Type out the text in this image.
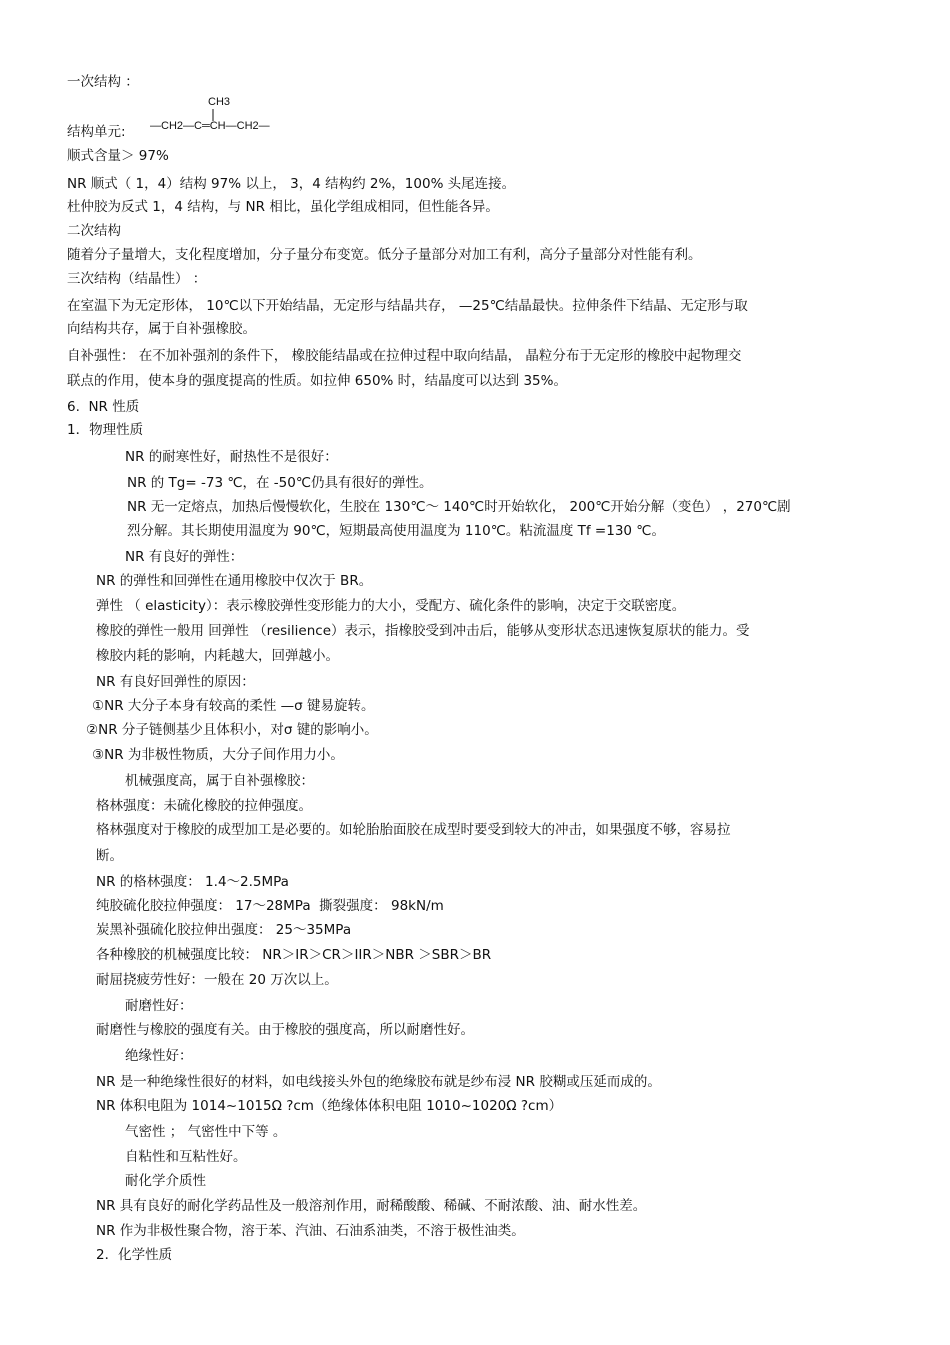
CH3
—CH2—C═CH—CH2—
一次结构 ：
结构单元:
顺式含量＞ 97%
NR 顺式（ 1，4）结构 97% 以上， 3，4 结构约 2%，100% 头尾连接。
杜仲胶为反式 1，4 结构，与 NR 相比，虽化学组成相同，但性能各异。
二次结构
随着分子量增大，支化程度增加，分子量分布变宽。低分子量部分对加工有利，高分子量部分对性能有利。
三次结构（结晶性） ：
在室温下为无定形体， 10℃以下开始结晶，无定形与结晶共存， —25℃结晶最快。拉伸条件下结晶、无定形与取
向结构共存，属于自补强橡胶。
自补强性： 在不加补强剂的条件下， 橡胶能结晶或在拉伸过程中取向结晶， 晶粒分布于无定形的橡胶中起物理交
联点的作用，使本身的强度提高的性质。如拉伸 650% 时，结晶度可以达到 35%。
6.  NR 性质
1．物理性质
NR 的耐寒性好，耐热性不是很好：
NR 的 Tg= -73 ℃，在 -50℃仍具有很好的弹性。
NR 无一定熔点，加热后慢慢软化，生胶在 130℃～ 140℃时开始软化， 200℃开始分解（变色） ，270℃剧
烈分解。其长期使用温度为 90℃，短期最高使用温度为 110℃。粘流温度 Tf =130 ℃。
NR 有良好的弹性：
NR 的弹性和回弹性在通用橡胶中仅次于 BR。
弹性 （ elasticity）：表示橡胶弹性变形能力的大小，受配方、硫化条件的影响，决定于交联密度。
橡胶的弹性一般用 回弹性 （resilience）表示，指橡胶受到冲击后，能够从变形状态迅速恢复原状的能力。受
橡胶内耗的影响，内耗越大，回弹越小。
NR 有良好回弹性的原因：
①NR 大分子本身有较高的柔性 —σ 键易旋转。
②NR 分子链侧基少且体积小，对σ 键的影响小。
③NR 为非极性物质，大分子间作用力小。
机械强度高，属于自补强橡胶：
格林强度：未硫化橡胶的拉伸强度。
格林强度对于橡胶的成型加工是必要的。如轮胎胎面胶在成型时要受到较大的冲击，如果强度不够，容易拉
断。
NR 的格林强度： 1.4～2.5MPa
纯胶硫化胶拉伸强度： 17～28MPa  撕裂强度： 98kN/m
炭黑补强硫化胶拉伸出强度： 25～35MPa
各种橡胶的机械强度比较： NR＞IR＞CR＞IIR＞NBR ＞SBR＞BR
耐屈挠疲劳性好：一般在 20 万次以上。
耐磨性好：
耐磨性与橡胶的强度有关。由于橡胶的强度高，所以耐磨性好。
绝缘性好：
NR 是一种绝缘性很好的材料，如电线接头外包的绝缘胶布就是纱布浸 NR 胶糊或压延而成的。
NR 体积电阻为 1014~1015Ω ?cm（绝缘体体积电阻 1010~1020Ω ?cm）
气密性 ； 气密性中下等 。
自粘性和互粘性好。
耐化学介质性
NR 具有良好的耐化学药品性及一般溶剂作用，耐稀酸酸、稀碱、不耐浓酸、油、耐水性差。
NR 作为非极性聚合物，溶于苯、汽油、石油系油类，不溶于极性油类。
2．化学性质
